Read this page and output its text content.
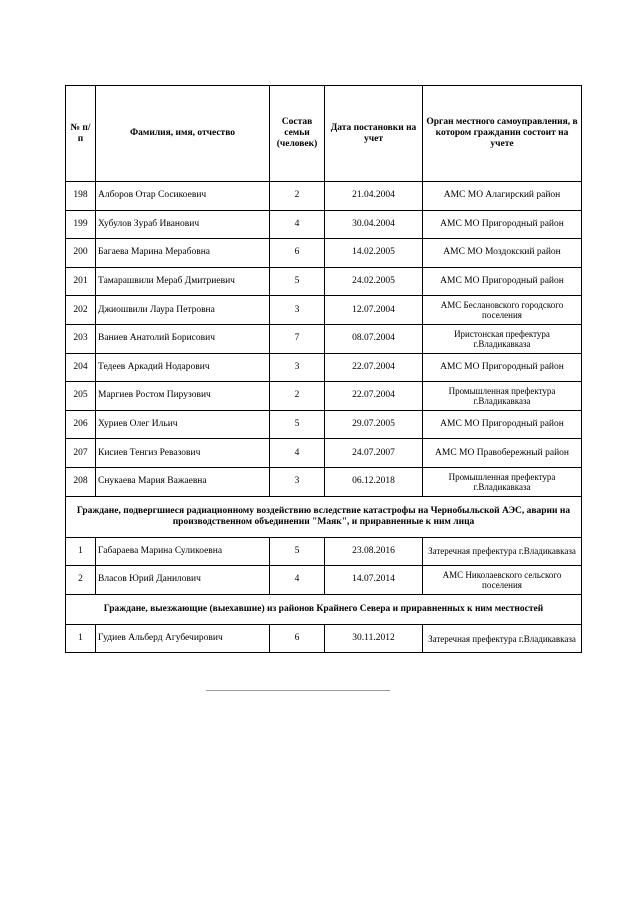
№ п/п	Фамилия, имя, отчество	Состав семьи (человек)	Дата постановки на учет	Орган местного самоуправления, в котором гражданин состоит на учете
198	Алборов Отар Сосикоевич	2	21.04.2004	АМС МО Алагирский район
199	Хубулов Зураб Иванович	4	30.04.2004	АМС МО Пригородный район
200	Багаева Марина Мерабовна	6	14.02.2005	АМС МО Моздокский район
201	Тамарашвили Мераб Дмитриевич	5	24.02.2005	АМС МО Пригородный район
202	Джиошвили Лаура Петровна	3	12.07.2004	АМС Беслановского городского поселения
203	Ваниев Анатолий Борисович	7	08.07.2004	Иристонская префектура г.Владикавказа
204	Тедеев Аркадий Нодарович	3	22.07.2004	АМС МО Пригородный район
205	Маргиев Ростом Пирузович	2	22.07.2004	Промышленная префектура г.Владикавказа
206	Хуриев Олег Ильич	5	29.07.2005	АМС МО Пригородный район
207	Кисиев Тенгиз Ревазович	4	24.07.2007	АМС МО Правобережный район
208	Снукаева Мария Важаевна	3	06.12.2018	Промышленная префектура г.Владикавказа
Граждане, подвергшиеся радиационному воздействию вследствие катастрофы на Чернобыльской АЭС, аварии на производственном объединении "Маяк", и приравненные к ним лица				
1	Габараева Марина Суликоевна	5	23.08.2016	Затеречная префектура г.Владикавказа
2	Власов Юрий Данилович	4	14.07.2014	АМС Николаевского сельского поселения
Граждане, выезжающие (выехавшие) из районов Крайнего Севера и приравненных к ним местностей				
1	Гудиев Альберд Агубечирович	6	30.11.2012	Затеречная префектура г.Владикавказа
